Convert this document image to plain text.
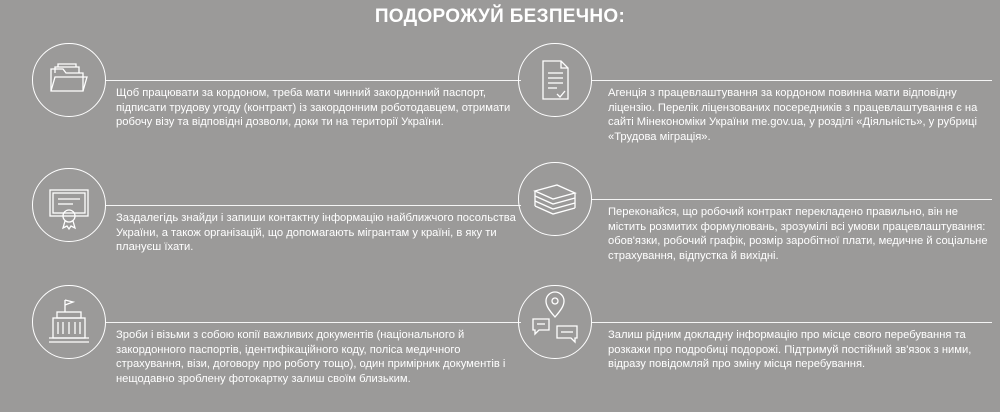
ПОДОРОЖУЙ БЕЗПЕЧНО:
Щоб працювати за кордоном, треба мати чинний закордонний паспорт, підписати трудову угоду (контракт) із закордонним роботодавцем, отримати робочу візу та відповідні дозволи, доки ти на території України.
Агенція з працевлаштування за кордоном повинна мати відповідну ліцензію. Перелік ліцензованих посередників з працевлаштування є на сайті Мінекономіки України me.gov.ua, у розділі «Діяльність», у рубриці «Трудова міграція».
Заздалегідь знайди і запиши контактну інформацію найближчого посольства України, а також організацій, що допомагають мігрантам у країні, в яку ти плануєш їхати.
Переконайся, що робочий контракт перекладено правильно, він не містить розмитих формулювань, зрозумілі всі умови працевлаштування: обов'язки, робочий графік, розмір заробітної плати, медичне й соціальне страхування, відпустка й вихідні.
Зроби і візьми з собою копії важливих документів (національного й закордонного паспортів, ідентифікаційного коду, поліса медичного страхування, візи, договору про роботу тощо), один примірник документів і нещодавно зроблену фотокартку залиш своїм близьким.
Залиш рідним докладну інформацію про місце свого перебування та розкажи про подробиці подорожі. Підтримуй постійний зв'язок з ними, відразу повідомляй про зміну місця перебування.
